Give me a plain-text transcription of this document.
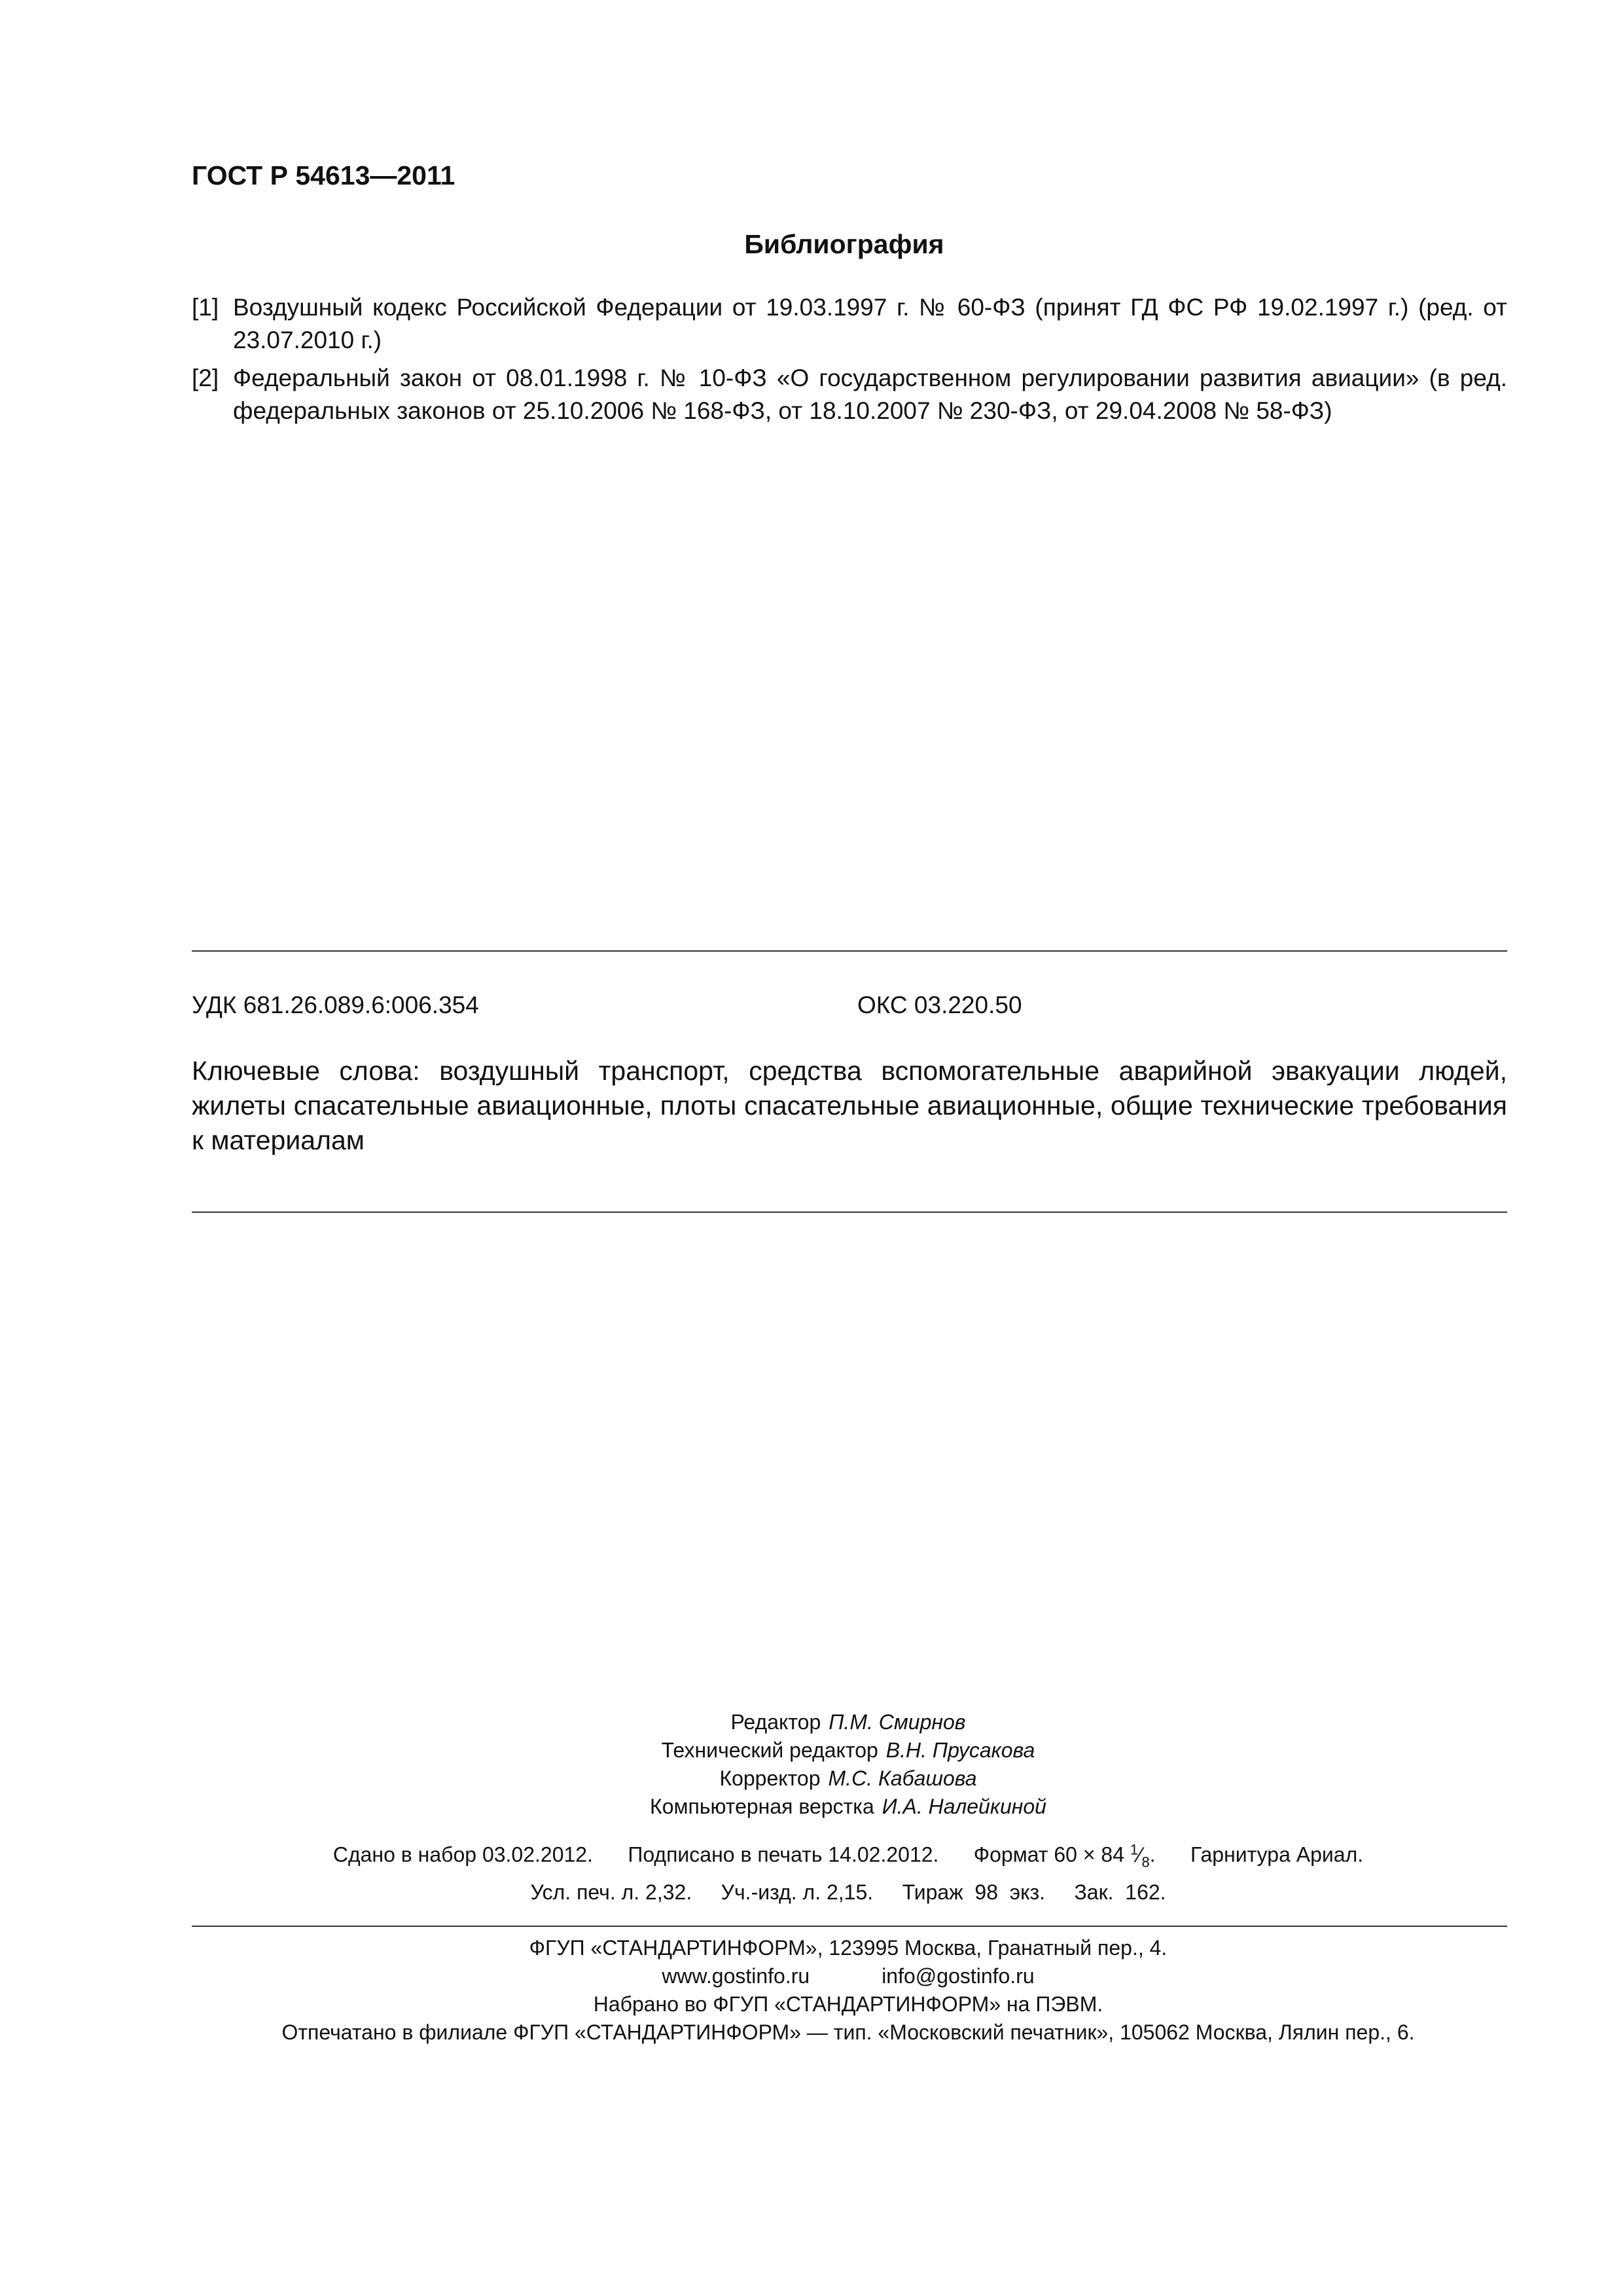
ГОСТ Р 54613—2011
Библиография
[1] Воздушный кодекс Российской Федерации от 19.03.1997 г. № 60-ФЗ (принят ГД ФС РФ 19.02.1997 г.) (ред. от 23.07.2010 г.)
[2] Федеральный закон от 08.01.1998 г. № 10-ФЗ «О государственном регулировании развития авиации» (в ред. федеральных законов от 25.10.2006 № 168-ФЗ, от 18.10.2007 № 230-ФЗ, от 29.04.2008 № 58-ФЗ)
УДК 681.26.089.6:006.354	ОКС 03.220.50
Ключевые слова: воздушный транспорт, средства вспомогательные аварийной эвакуации людей, жилеты спасательные авиационные, плоты спасательные авиационные, общие технические требования к материалам
Редактор П.М. Смирнов
Технический редактор В.Н. Прусакова
Корректор М.С. Кабашова
Компьютерная верстка И.А. Налейкиной
Сдано в набор 03.02.2012.      Подписано в печать 14.02.2012.      Формат 60 × 84 $^1⁄_8$.      Гарнитура Ариал.
Усл. печ. л. 2,32.     Уч.-изд. л. 2,15.     Тираж  98  экз.     Зак.  162.
ФГУП «СТАНДАРТИНФОРМ», 123995 Москва, Гранатный пер., 4.
www.gostinfo.ru	info@gostinfo.ru
Набрано во ФГУП «СТАНДАРТИНФОРМ» на ПЭВМ.
Отпечатано в филиале ФГУП «СТАНДАРТИНФОРМ» — тип. «Московский печатник», 105062 Москва, Лялин пер., 6.
